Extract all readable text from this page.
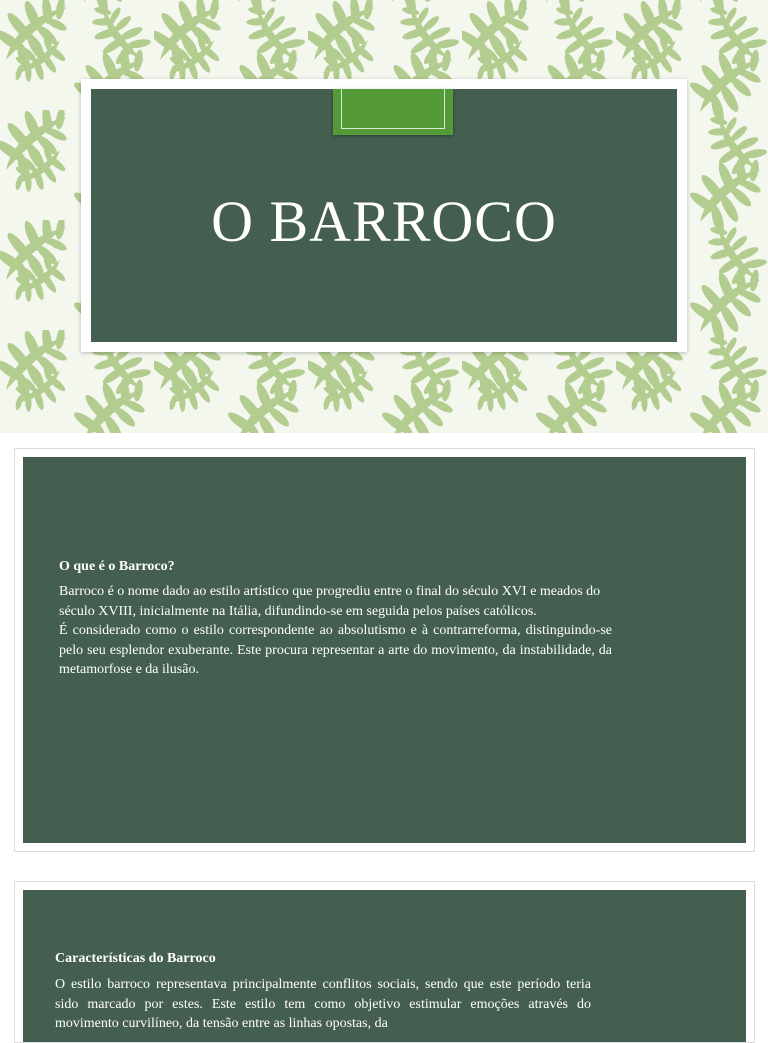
O BARROCO
O que é o Barroco?

Barroco é o nome dado ao estilo artístico que progrediu entre o final do século XVI e meados do século XVIII, inicialmente na Itália, difundindo-se em seguida pelos países católicos.

É considerado como o estilo correspondente ao absolutismo e à contrarreforma, distinguindo-se pelo seu esplendor exuberante. Este procura representar a arte do movimento, da instabilidade, da metamorfose e da ilusão.

Características do Barroco

O estilo barroco representava principalmente conflitos sociais, sendo que este período teria sido marcado por estes. Este estilo tem como objetivo estimular emoções através do movimento curvilíneo, da tensão entre as linhas opostas, da
